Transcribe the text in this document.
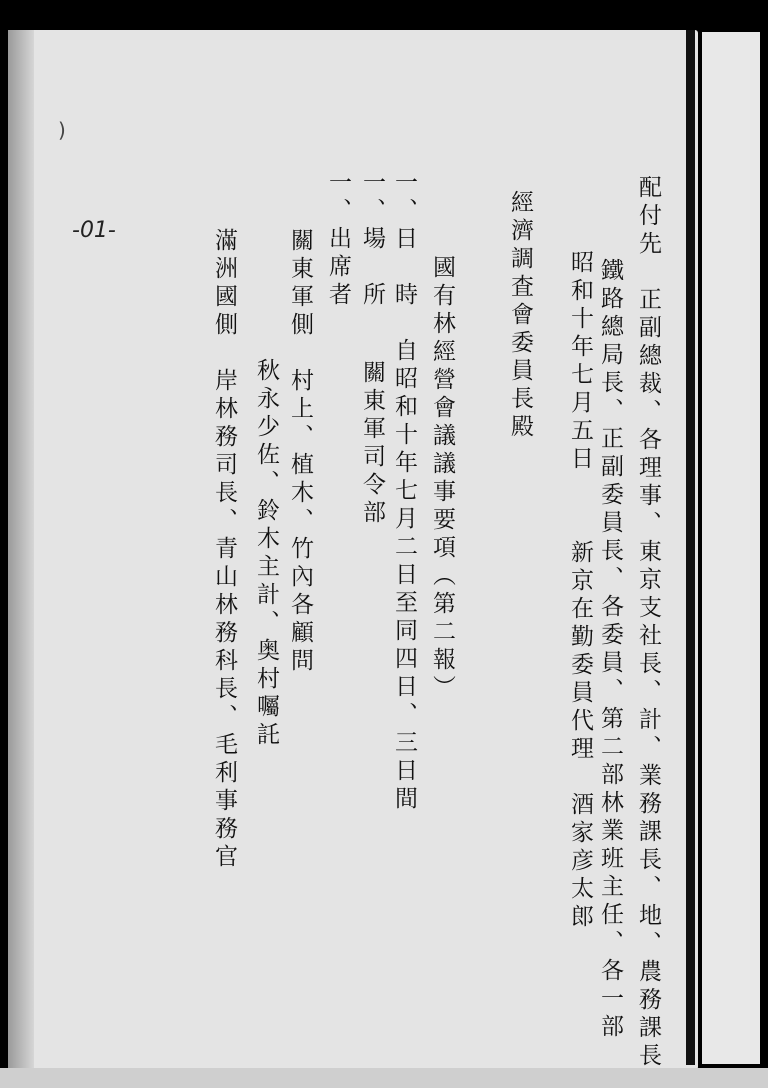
)
-01-	配付先　正副總裁、各理事、東京支社長、計、業務課長、地、農務課長
鐵路總局長、正副委員長、各委員、第二部林業班主任、各一部
昭和十年七月五日
新京在勤委員代理　酒家彦太郎
經濟調査會委員長殿
國有林經營會議議事要項（第二報）
一、日　時　自昭和十年七月二日至同四日、三日間
一、場　所
關東軍司令部
一、出席者
關東軍側　村上、植木、竹內各顧問
秋永少佐、鈴木主計、奥村囑託
滿洲國側　岸林務司長、青山林務科長、毛利事務官
